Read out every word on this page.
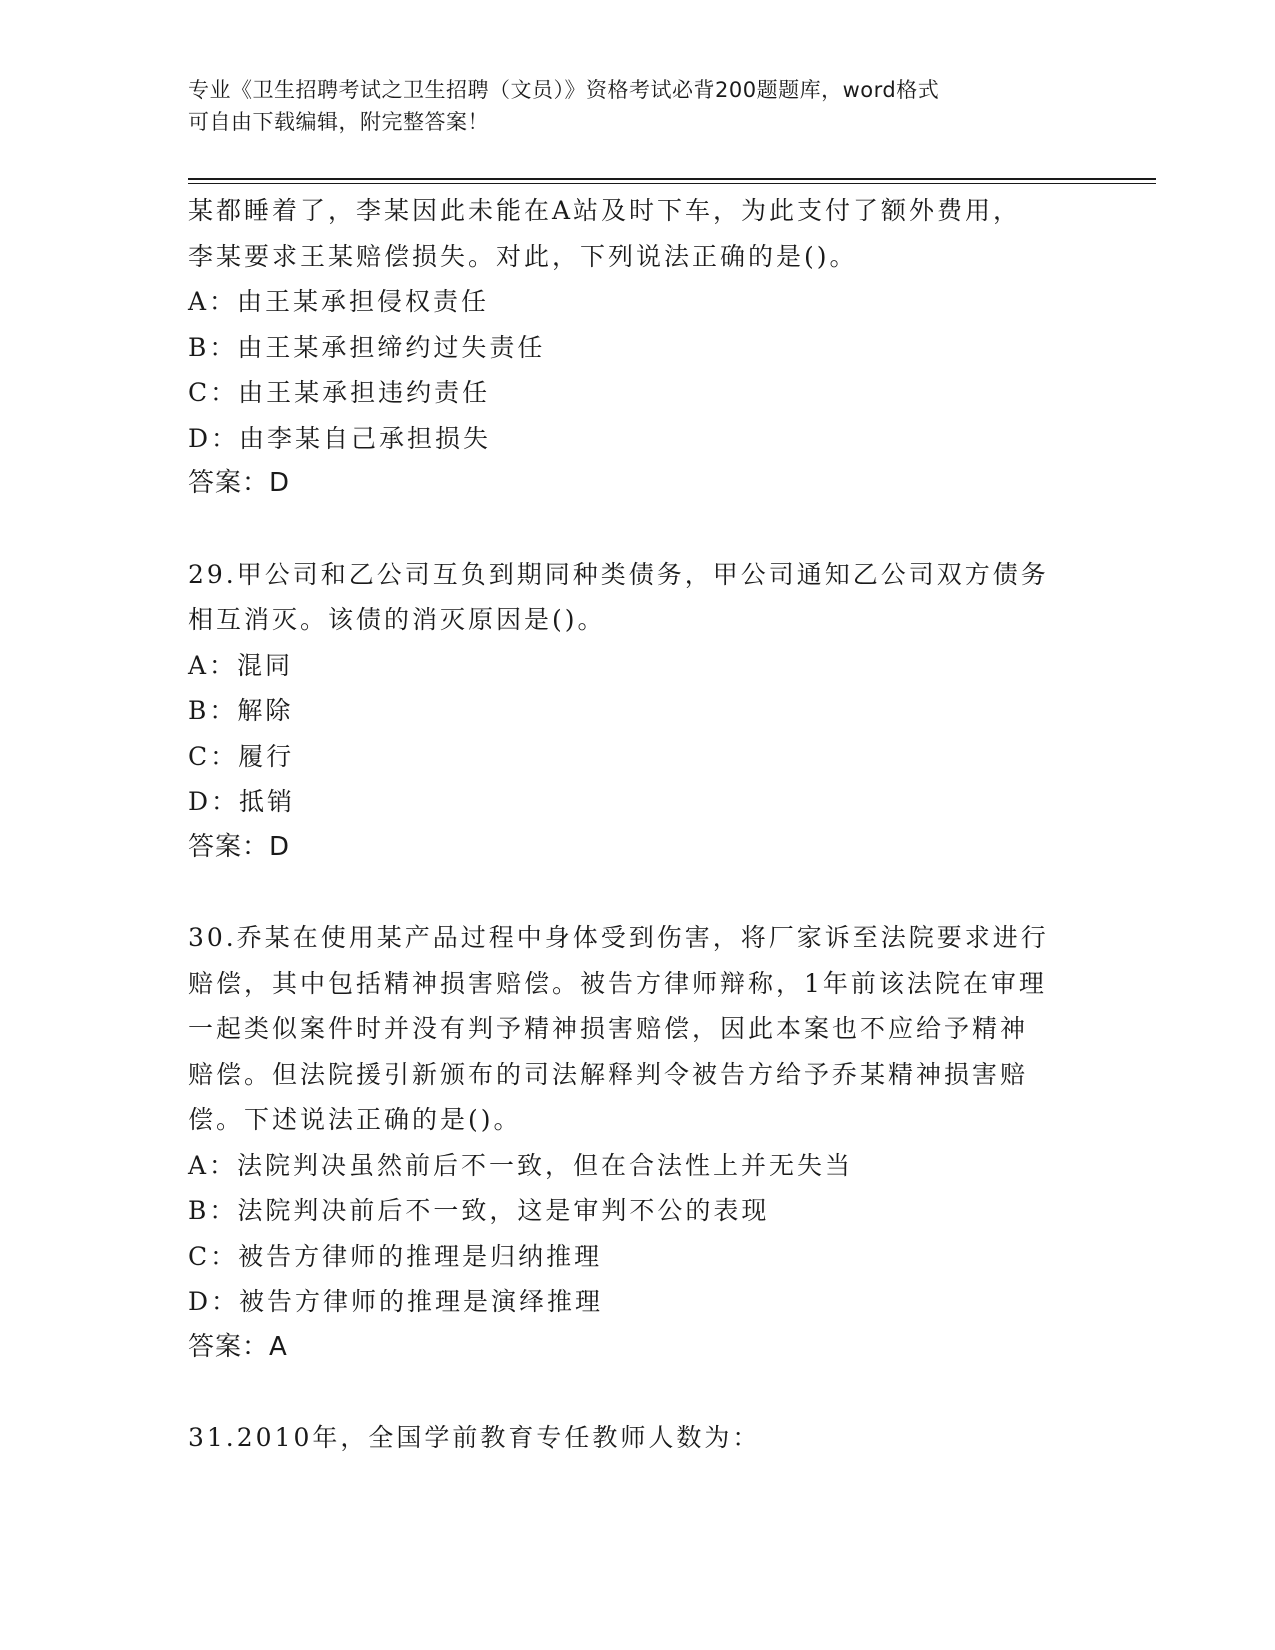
专业《卫生招聘考试之卫生招聘（文员）》资格考试必背200题题库，word格式
可自由下载编辑，附完整答案！
某都睡着了，李某因此未能在A站及时下车，为此支付了额外费用，
李某要求王某赔偿损失。对此，下列说法正确的是()。
A：由王某承担侵权责任
B：由王某承担缔约过失责任
C：由王某承担违约责任
D：由李某自己承担损失
答案：D
29.甲公司和乙公司互负到期同种类债务，甲公司通知乙公司双方债务
相互消灭。该债的消灭原因是()。
A：混同
B：解除
C：履行
D：抵销
答案：D
30.乔某在使用某产品过程中身体受到伤害，将厂家诉至法院要求进行
赔偿，其中包括精神损害赔偿。被告方律师辩称，1年前该法院在审理
一起类似案件时并没有判予精神损害赔偿，因此本案也不应给予精神
赔偿。但法院援引新颁布的司法解释判令被告方给予乔某精神损害赔
偿。下述说法正确的是()。
A：法院判决虽然前后不一致，但在合法性上并无失当
B：法院判决前后不一致，这是审判不公的表现
C：被告方律师的推理是归纳推理
D：被告方律师的推理是演绎推理
答案：A
31.2010年，全国学前教育专任教师人数为：
